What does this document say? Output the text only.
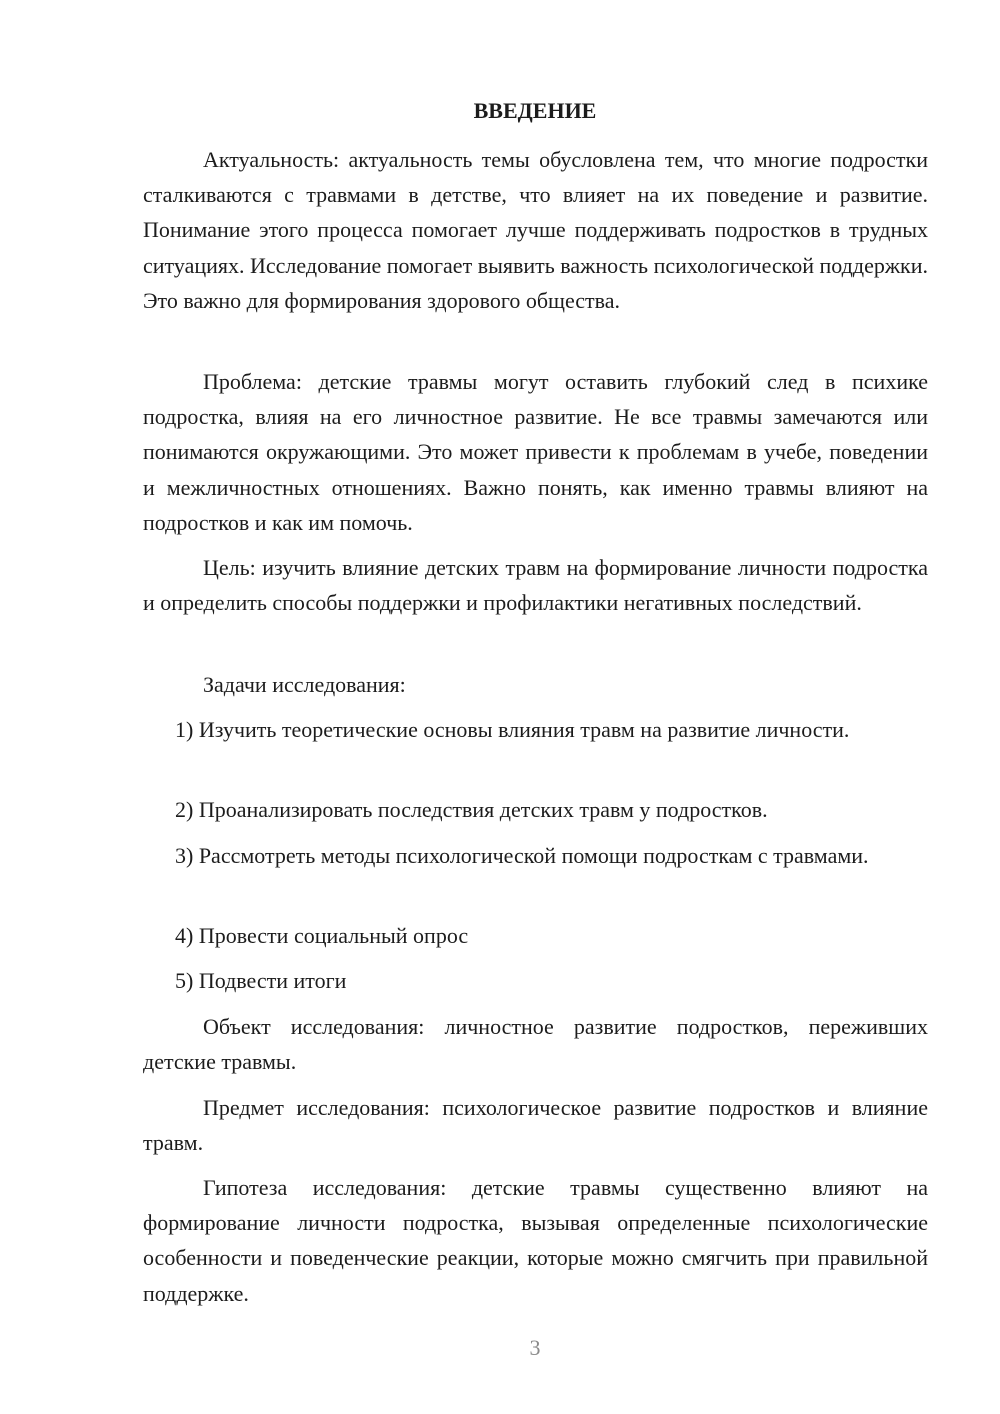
ВВЕДЕНИЕ

Актуальность: актуальность темы обусловлена тем, что многие подростки сталкиваются с травмами в детстве, что влияет на их поведение и развитие. Понимание этого процесса помогает лучше поддерживать подростков в трудных ситуациях. Исследование помогает выявить важность психологической поддержки. Это важно для формирования здорового общества.

Проблема: детские травмы могут оставить глубокий след в психике подростка, влияя на его личностное развитие. Не все травмы замечаются или понимаются окружающими. Это может привести к проблемам в учебе, поведении и межличностных отношениях. Важно понять, как именно травмы влияют на подростков и как им помочь.

Цель: изучить влияние детских травм на формирование личности подростка и определить способы поддержки и профилактики негативных последствий.

Задачи исследования:

1) Изучить теоретические основы влияния травм на развитие личности.

2) Проанализировать последствия детских травм у подростков.

3) Рассмотреть методы психологической помощи подросткам с травмами.

4) Провести социальный опрос

5) Подвести итоги

Объект исследования: личностное развитие подростков, переживших детские травмы.

Предмет исследования: психологическое развитие подростков и влияние травм.

Гипотеза исследования: детские травмы существенно влияют на формирование личности подростка, вызывая определенные психологические особенности и поведенческие реакции, которые можно смягчить при правильной поддержке.

3
